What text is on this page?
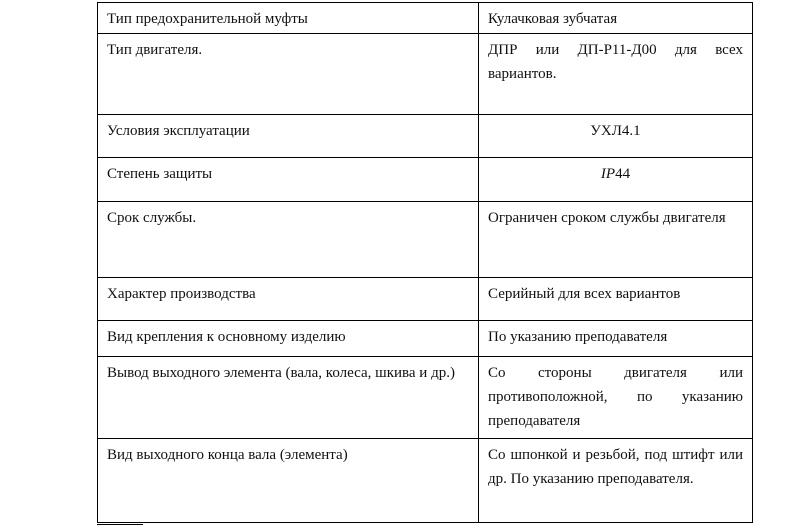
Тип предохранительной муфты	Кулачковая зубчатая
Тип двигателя.	ДПР или ДП-Р11-Д00 для всех вариантов.
Условия эксплуатации	УХЛ4.1
Степень защиты	IP44
Срок службы.	Ограничен сроком службы двигателя
Характер производства	Серийный для всех вариантов
Вид крепления к основному изделию	По указанию преподавателя
Вывод выходного элемента (вала, колеса, шкива и др.)	Со стороны двигателя или противоположной, по указанию преподавателя
Вид выходного конца вала (элемента)	Со шпонкой и резьбой, под штифт или др. По указанию преподавателя.
